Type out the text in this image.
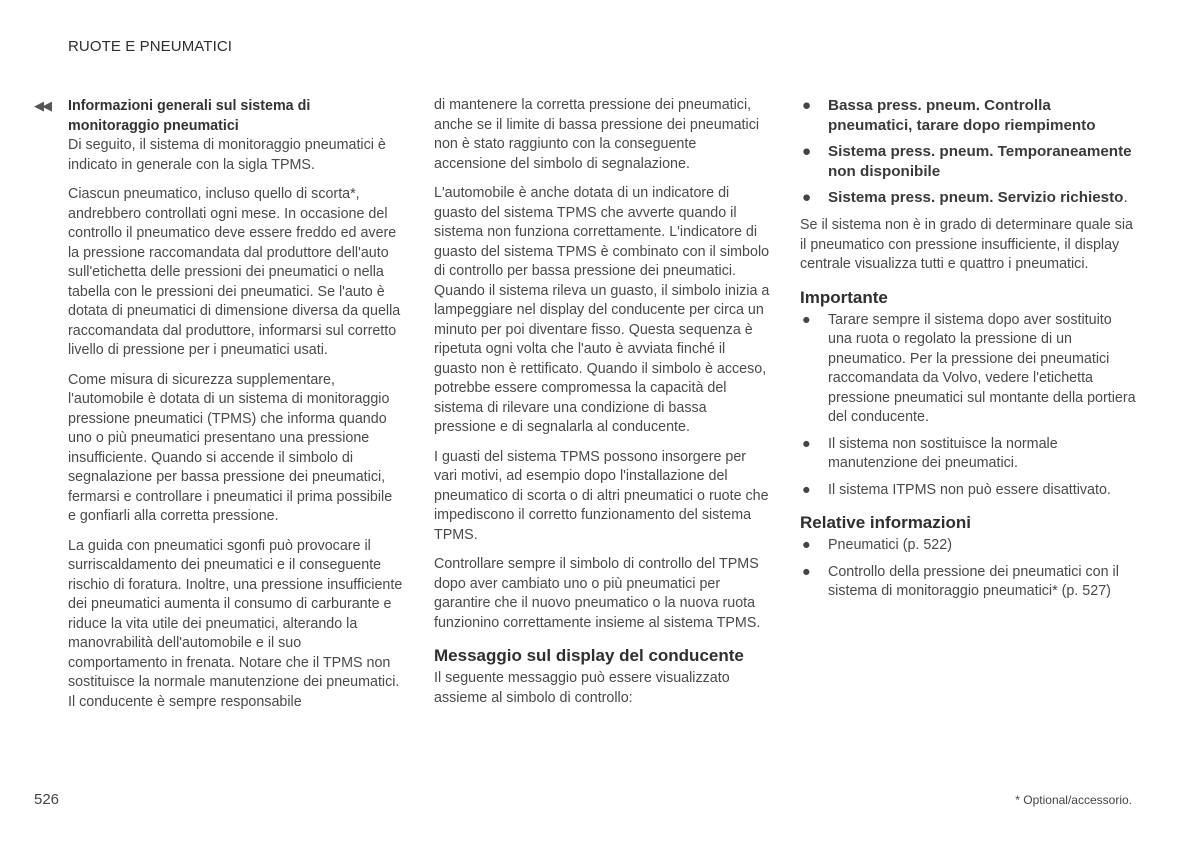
RUOTE E PNEUMATICI
◀◀ Informazioni generali sul sistema di monitoraggio pneumatici

Di seguito, il sistema di monitoraggio pneumatici è indicato in generale con la sigla TPMS.

Ciascun pneumatico, incluso quello di scorta*, andrebbero controllati ogni mese. In occasione del controllo il pneumatico deve essere freddo ed avere la pressione raccomandata dal produttore dell'auto sull'etichetta delle pressioni dei pneumatici o nella tabella con le pressioni dei pneumatici. Se l'auto è dotata di pneumatici di dimensione diversa da quella raccomandata dal produttore, informarsi sul corretto livello di pressione per i pneumatici usati.

Come misura di sicurezza supplementare, l'automobile è dotata di un sistema di monitoraggio pressione pneumatici (TPMS) che informa quando uno o più pneumatici presentano una pressione insufficiente. Quando si accende il simbolo di segnalazione per bassa pressione dei pneumatici, fermarsi e controllare i pneumatici il prima possibile e gonfiarli alla corretta pressione.

La guida con pneumatici sgonfi può provocare il surriscaldamento dei pneumatici e il conseguente rischio di foratura. Inoltre, una pressione insufficiente dei pneumatici aumenta il consumo di carburante e riduce la vita utile dei pneumatici, alterando la manovrabilità dell'automobile e il suo comportamento in frenata. Notare che il TPMS non sostituisce la normale manutenzione dei pneumatici. Il conducente è sempre responsabile

di mantenere la corretta pressione dei pneumatici, anche se il limite di bassa pressione dei pneumatici non è stato raggiunto con la conseguente accensione del simbolo di segnalazione.

L'automobile è anche dotata di un indicatore di guasto del sistema TPMS che avverte quando il sistema non funziona correttamente. L'indicatore di guasto del sistema TPMS è combinato con il simbolo di controllo per bassa pressione dei pneumatici. Quando il sistema rileva un guasto, il simbolo inizia a lampeggiare nel display del conducente per circa un minuto per poi diventare fisso. Questa sequenza è ripetuta ogni volta che l'auto è avviata finché il guasto non è rettificato. Quando il simbolo è acceso, potrebbe essere compromessa la capacità del sistema di rilevare una condizione di bassa pressione e di segnalarla al conducente.

I guasti del sistema TPMS possono insorgere per vari motivi, ad esempio dopo l'installazione del pneumatico di scorta o di altri pneumatici o ruote che impediscono il corretto funzionamento del sistema TPMS.

Controllare sempre il simbolo di controllo del TPMS dopo aver cambiato uno o più pneumatici per garantire che il nuovo pneumatico o la nuova ruota funzionino correttamente insieme al sistema TPMS.

Messaggio sul display del conducente

Il seguente messaggio può essere visualizzato assieme al simbolo di controllo:

● Bassa press. pneum. Controlla pneumatici, tarare dopo riempimento
● Sistema press. pneum. Temporaneamente non disponibile
● Sistema press. pneum. Servizio richiesto.

Se il sistema non è in grado di determinare quale sia il pneumatico con pressione insufficiente, il display centrale visualizza tutti e quattro i pneumatici.

Importante
● Tarare sempre il sistema dopo aver sostituito una ruota o regolato la pressione di un pneumatico. Per la pressione dei pneumatici raccomandata da Volvo, vedere l'etichetta pressione pneumatici sul montante della portiera del conducente.
● Il sistema non sostituisce la normale manutenzione dei pneumatici.
● Il sistema ITPMS non può essere disattivato.
Relative informazioni
● Pneumatici (p. 522)
● Controllo della pressione dei pneumatici con il sistema di monitoraggio pneumatici* (p. 527)
526	* Optional/accessorio.
